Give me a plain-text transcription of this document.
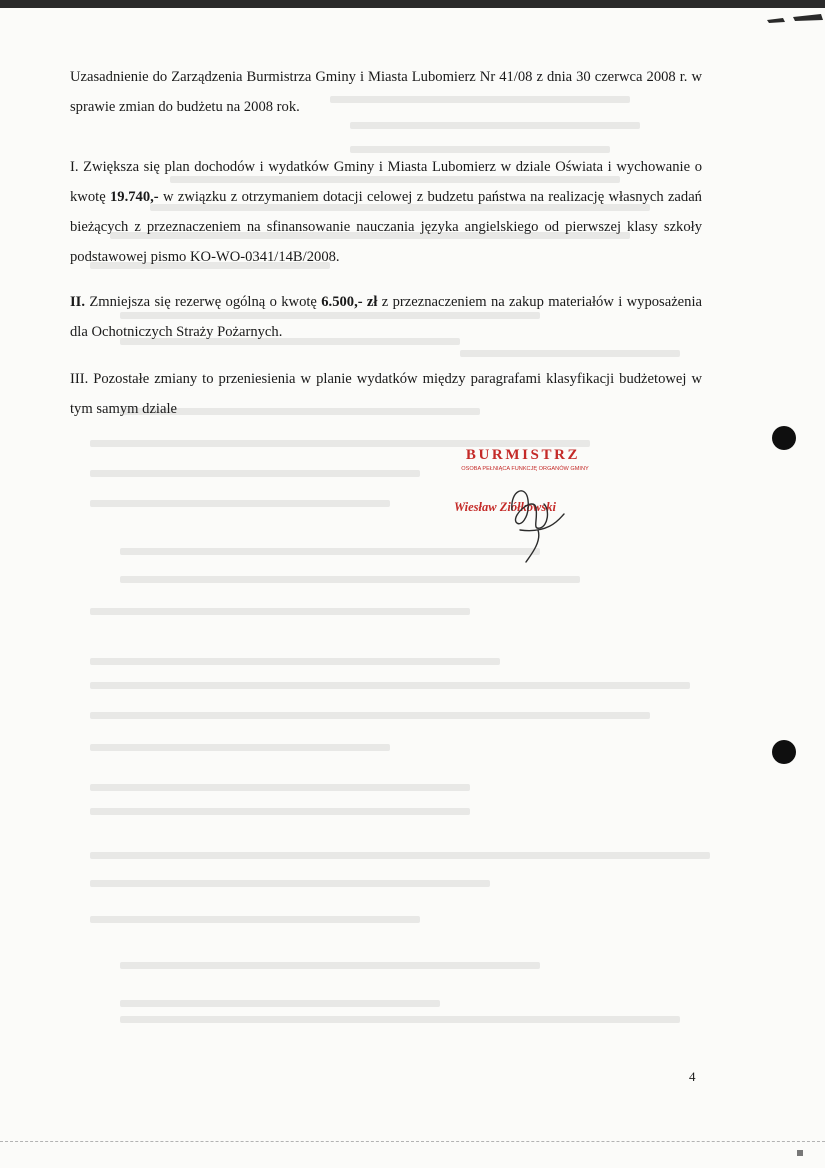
Uzasadnienie do Zarządzenia Burmistrza Gminy i Miasta Lubomierz Nr 41/08 z dnia 30 czerwca 2008 r. w sprawie zmian do budżetu na 2008 rok.

I. Zwiększa się plan dochodów i wydatków Gminy i Miasta Lubomierz w dziale Oświata i wychowanie o kwotę 19.740,- w związku z otrzymaniem dotacji celowej z budzetu państwa na realizację własnych zadań bieżących z przeznaczeniem na sfinansowanie nauczania języka angielskiego od pierwszej klasy szkoły podstawowej pismo KO-WO-0341/14B/2008.

II. Zmniejsza się rezerwę ogólną o kwotę 6.500,- zł z przeznaczeniem na zakup materiałów i wyposażenia dla Ochotniczych Straży Pożarnych.

III. Pozostałe zmiany to przeniesienia w planie wydatków między paragrafami klasyfikacji budżetowej w tym samym dziale

BURMISTRZ
OSOBA PEŁNIĄCA FUNKCJĘ ORGANÓW GMINY
Wiesław Ziółkowski
4
